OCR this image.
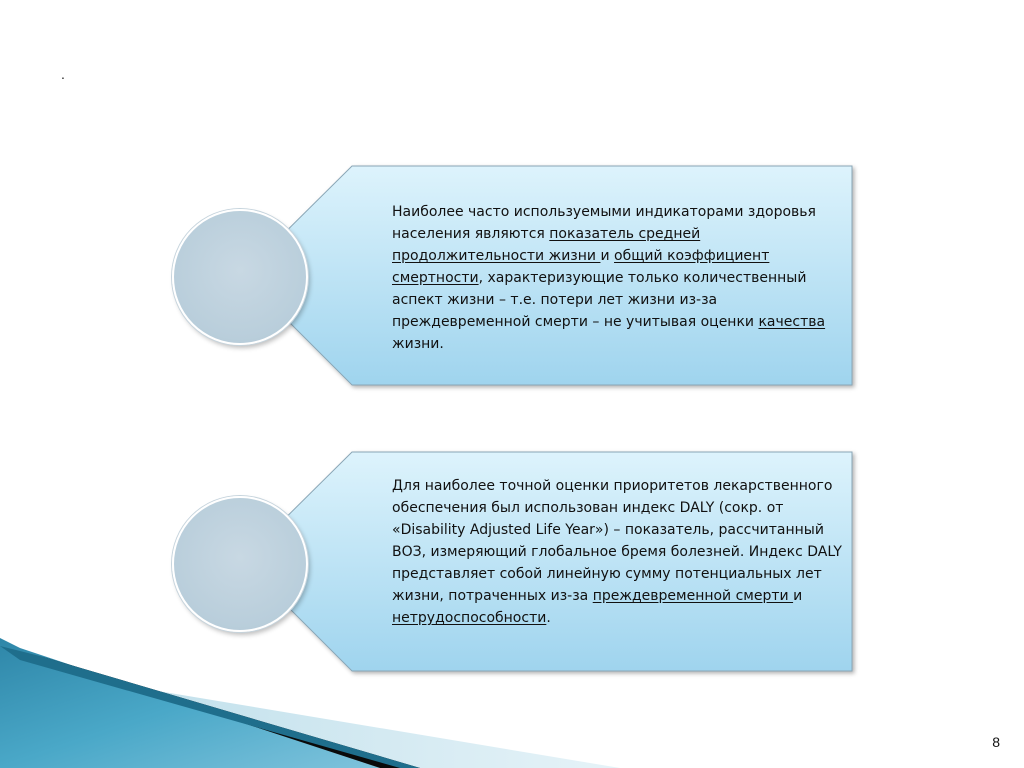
.
Наиболее часто используемыми индикаторами здоровья населения являются показатель средней продолжительности жизни и общий коэффициент смертности, характеризующие только количественный аспект жизни – т.е. потери лет жизни из-за преждевременной смерти – не учитывая оценки качества жизни.
Для наиболее точной оценки приоритетов лекарственного обеспечения был использован индекс DALY (сокр. от «Disability Adjusted Life Year») – показатель, рассчитанный ВОЗ, измеряющий глобальное бремя болезней. Индекс DALY представляет собой линейную сумму потенциальных лет жизни, потраченных из-за преждевременной смерти и нетрудоспособности.
8
